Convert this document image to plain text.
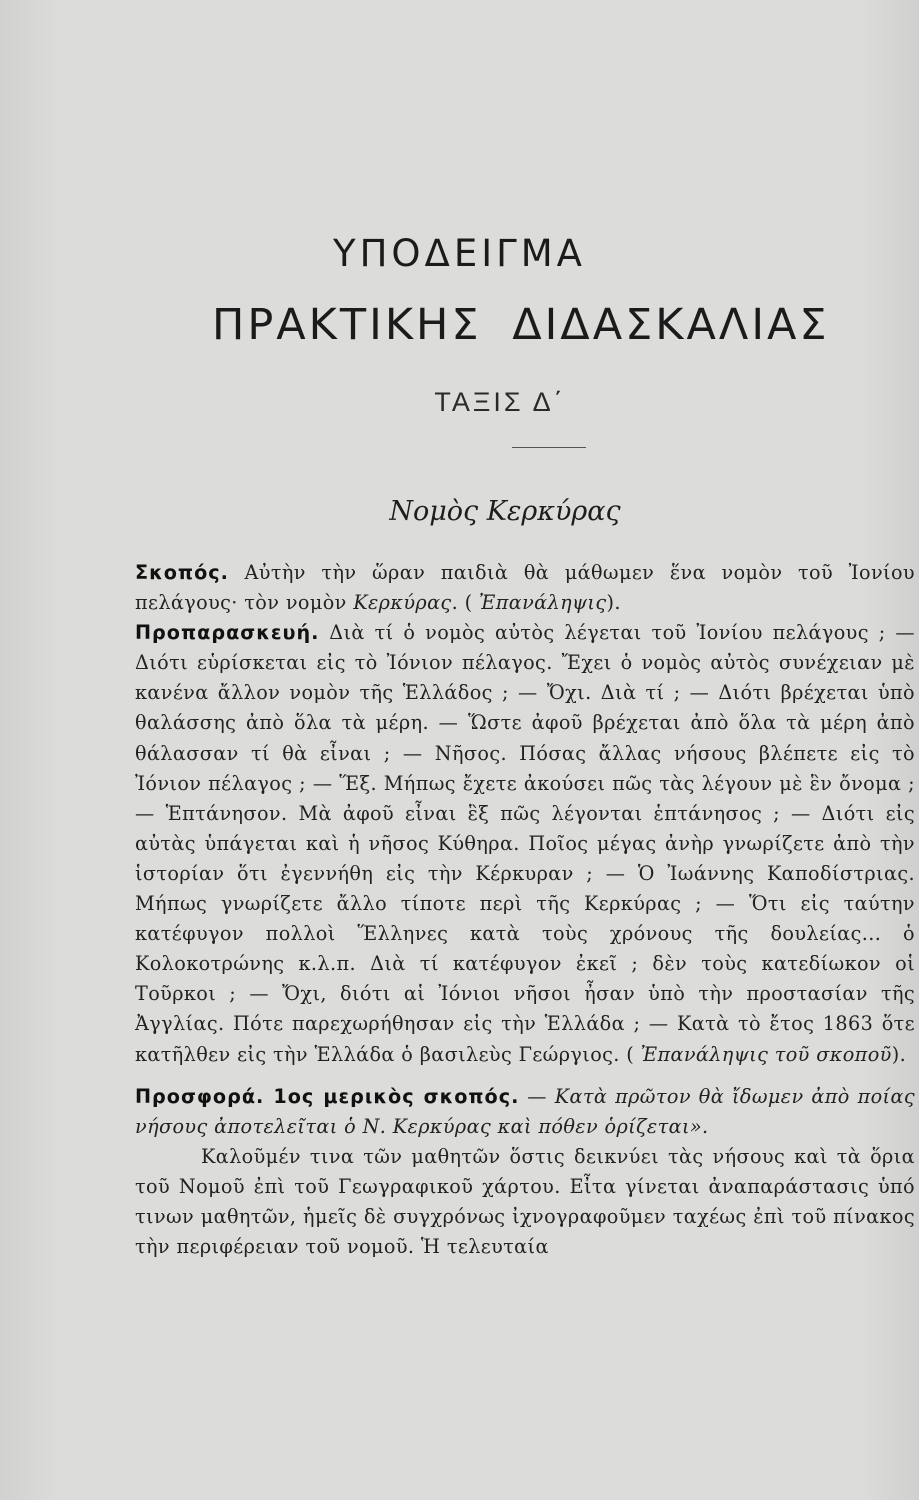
ΥΠΟΔΕΙΓΜΑ
ΠΡΑΚΤΙΚΗΣ ΔΙΔΑΣΚΑΛΙΑΣ
ΤΑΞΙΣ Δ΄
Νομὸς Κερκύρας

Σκοπός. Αὐτὴν τὴν ὥραν παιδιὰ θὰ μάθωμεν ἕνα νομὸν τοῦ Ἰονίου πελάγους· τὸν νομὸν Κερκύρας. ( Ἐπανάληψις).

Προπαρασκευή. Διὰ τί ὁ νομὸς αὐτὸς λέγεται τοῦ Ἰονίου πελάγους ; — Διότι εὑρίσκεται εἰς τὸ Ἰόνιον πέλαγος. Ἔχει ὁ νομὸς αὐτὸς συνέχειαν μὲ κανένα ἄλλον νομὸν τῆς Ἑλλάδος ; — Ὄχι. Διὰ τί ; — Διότι βρέχεται ὑπὸ θαλάσσης ἀπὸ ὅλα τὰ μέρη. — Ὥστε ἀφοῦ βρέχεται ἀπὸ ὅλα τὰ μέρη ἀπὸ θάλασσαν τί θὰ εἶναι ; — Νῆσος. Πόσας ἄλλας νήσους βλέπετε εἰς τὸ Ἰόνιον πέλαγος ; — Ἕξ. Μήπως ἔχετε ἀκούσει πῶς τὰς λέγουν μὲ ἓν ὄνομα ; — Ἑπτάνησον. Μὰ ἀφοῦ εἶναι ἓξ πῶς λέγονται ἑπτάνησος ; — Διότι εἰς αὐτὰς ὑπάγεται καὶ ἡ νῆσος Κύθηρα. Ποῖος μέγας ἀνὴρ γνωρίζετε ἀπὸ τὴν ἱστορίαν ὅτι ἐγεννήθη εἰς τὴν Κέρκυραν ; — Ὁ Ἰωάννης Καποδίστριας. Μήπως γνωρίζετε ἄλλο τίποτε περὶ τῆς Κερκύρας ; — Ὅτι εἰς ταύτην κατέφυγον πολλοὶ Ἕλληνες κατὰ τοὺς χρόνους τῆς δουλείας... ὁ Κολοκοτρώνης κ.λ.π. Διὰ τί κατέφυγον ἐκεῖ ; δὲν τοὺς κατεδίωκον οἱ Τοῦρκοι ; — Ὄχι, διότι αἱ Ἰόνιοι νῆσοι ἦσαν ὑπὸ τὴν προστασίαν τῆς Ἀγγλίας. Πότε παρεχωρήθησαν εἰς τὴν Ἑλλάδα ; — Κατὰ τὸ ἔτος 1863 ὅτε κατῆλθεν εἰς τὴν Ἑλλάδα ὁ βασιλεὺς Γεώργιος. ( Ἐπανάληψις τοῦ σκοποῦ).

Προσφορά. 1ος μερικὸς σκοπός. — Κατὰ πρῶτον θὰ ἴδωμεν ἀπὸ ποίας νήσους ἀποτελεῖται ὁ Ν. Κερκύρας καὶ πόθεν ὁρίζεται».

Καλοῦμέν τινα τῶν μαθητῶν ὅστις δεικνύει τὰς νήσους καὶ τὰ ὅρια τοῦ Νομοῦ ἐπὶ τοῦ Γεωγραφικοῦ χάρτου. Εἶτα γίνεται ἀναπαράστασις ὑπό τινων μαθητῶν, ἡμεῖς δὲ συγχρόνως ἰχνογραφοῦμεν ταχέως ἐπὶ τοῦ πίνακος τὴν περιφέρειαν τοῦ νομοῦ. Ἡ τελευταία
